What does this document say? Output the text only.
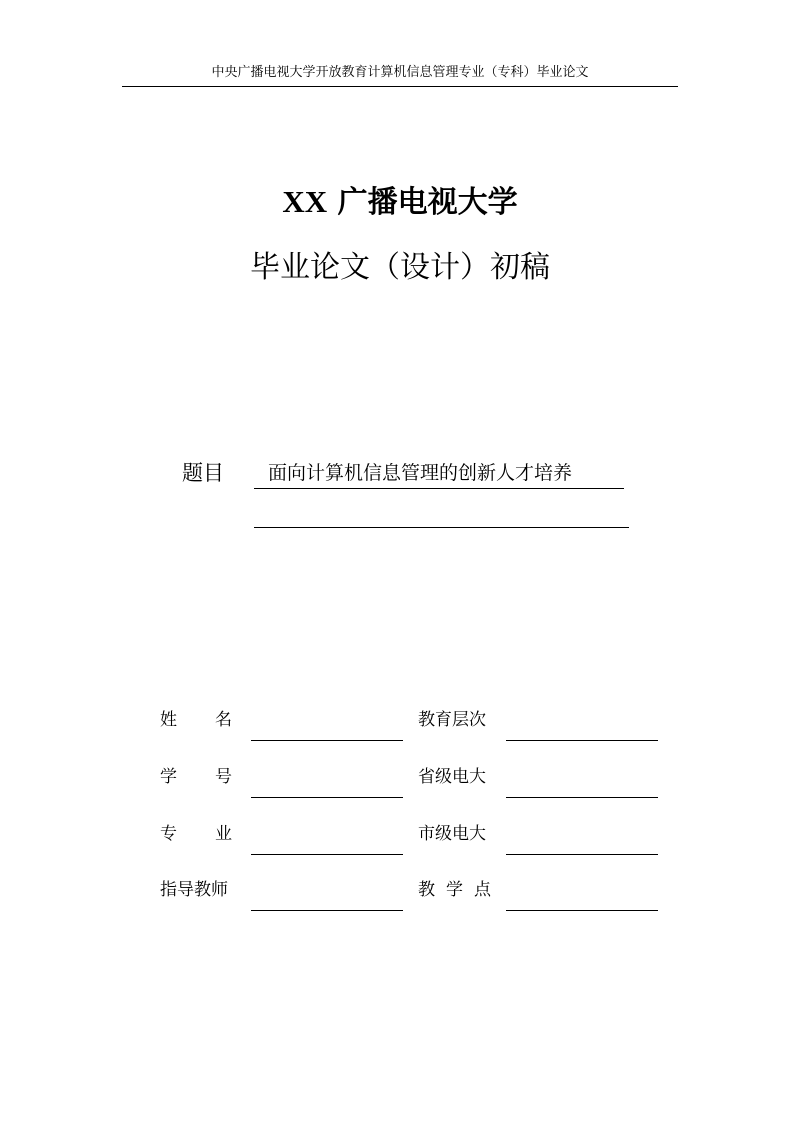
中央广播电视大学开放教育计算机信息管理专业（专科）毕业论文
XX 广播电视大学
毕业论文（设计）初稿
题目	面向计算机信息管理的创新人才培养
姓名	教育层次
学号	省级电大
专业	市级电大
指导教师	教学点
